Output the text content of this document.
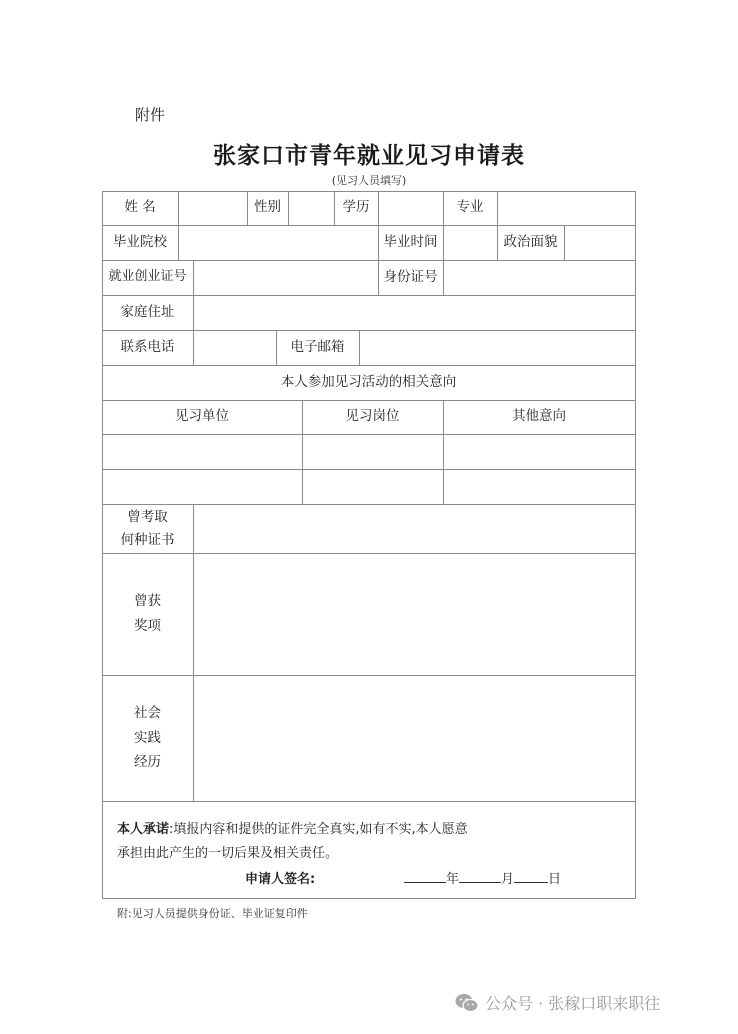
附件
张家口市青年就业见习申请表
(见习人员填写)
姓 名	性别	学历	专业
毕业院校	毕业时间	政治面貌
就业创业证号	身份证号
家庭住址
联系电话	电子邮箱
本人参加见习活动的相关意向
见习单位	见习岗位	其他意向
曾考取
何种证书
曾获
奖项
社会
实践
经历
本人承诺:填报内容和提供的证件完全真实,如有不实,本人愿意
承担由此产生的一切后果及相关责任。
申请人签名:	年	月	日
附:见习人员提供身份证、毕业证复印件
公众号 · 张稼口职来职往
